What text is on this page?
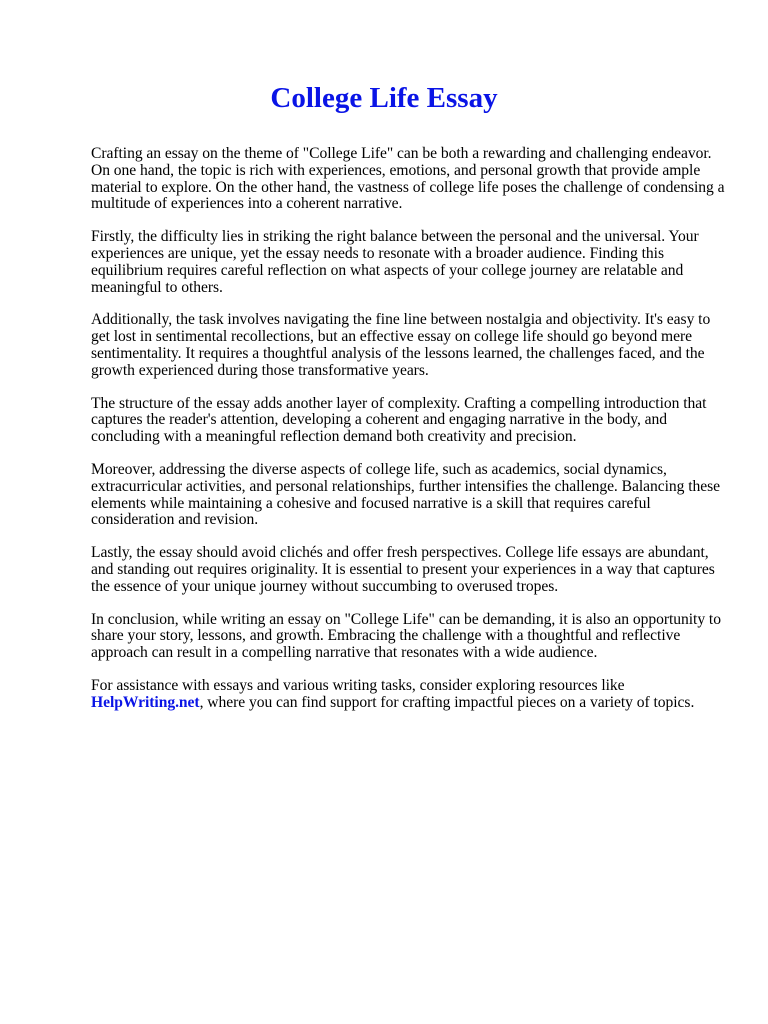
College Life Essay

Crafting an essay on the theme of "College Life" can be both a rewarding and challenging endeavor. On one hand, the topic is rich with experiences, emotions, and personal growth that provide ample material to explore. On the other hand, the vastness of college life poses the challenge of condensing a multitude of experiences into a coherent narrative.

Firstly, the difficulty lies in striking the right balance between the personal and the universal. Your experiences are unique, yet the essay needs to resonate with a broader audience. Finding this equilibrium requires careful reflection on what aspects of your college journey are relatable and meaningful to others.

Additionally, the task involves navigating the fine line between nostalgia and objectivity. It's easy to get lost in sentimental recollections, but an effective essay on college life should go beyond mere sentimentality. It requires a thoughtful analysis of the lessons learned, the challenges faced, and the growth experienced during those transformative years.

The structure of the essay adds another layer of complexity. Crafting a compelling introduction that captures the reader's attention, developing a coherent and engaging narrative in the body, and concluding with a meaningful reflection demand both creativity and precision.

Moreover, addressing the diverse aspects of college life, such as academics, social dynamics, extracurricular activities, and personal relationships, further intensifies the challenge. Balancing these elements while maintaining a cohesive and focused narrative is a skill that requires careful consideration and revision.

Lastly, the essay should avoid clichés and offer fresh perspectives. College life essays are abundant, and standing out requires originality. It is essential to present your experiences in a way that captures the essence of your unique journey without succumbing to overused tropes.

In conclusion, while writing an essay on "College Life" can be demanding, it is also an opportunity to share your story, lessons, and growth. Embracing the challenge with a thoughtful and reflective approach can result in a compelling narrative that resonates with a wide audience.

For assistance with essays and various writing tasks, consider exploring resources like HelpWriting.net, where you can find support for crafting impactful pieces on a variety of topics.
